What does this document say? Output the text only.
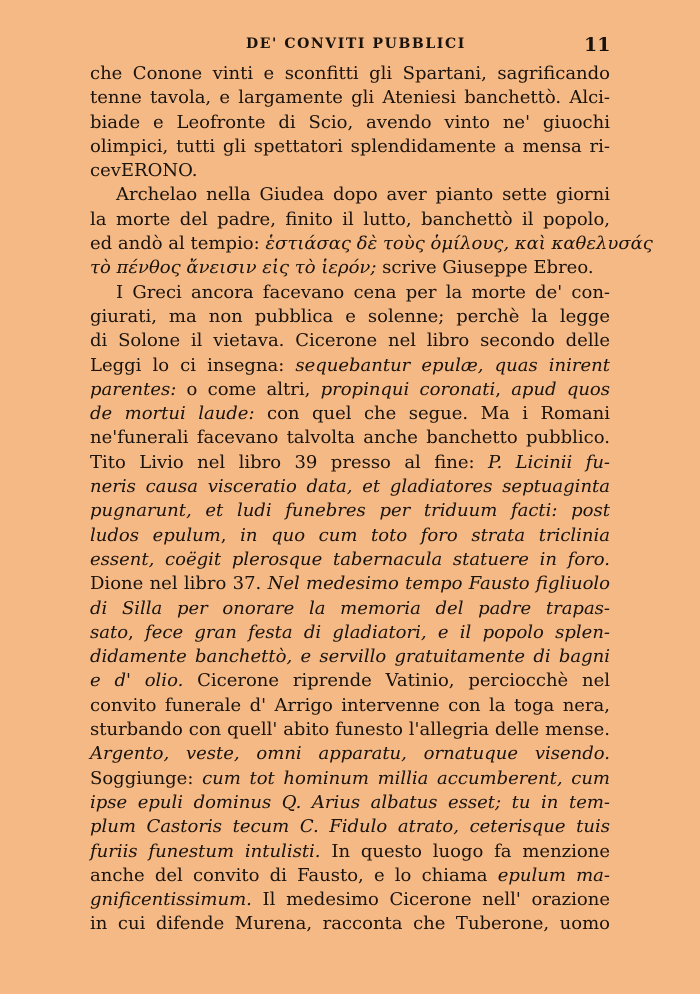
DE' CONVITI PUBBLICI	11
che Conone vinti e sconfitti gli Spartani, sagrificando
tenne tavola, e largamente gli Ateniesi banchettò. Alci-
biade e Leofronte di Scio, avendo vinto ne' giuochi
olimpici, tutti gli spettatori splendidamente a mensa ri-
cevERONO.
Archelao nella Giudea dopo aver pianto sette giorni
la morte del padre, finito il lutto, banchettò il popolo,
ed andò al tempio: ἑστιάσας δὲ τοὺς ὁμίλους, καὶ καθελυσάς
τὸ πένθος ἄνεισιν εἰς τὸ ἱερόν; scrive Giuseppe Ebreo.
I Greci ancora facevano cena per la morte de' con-
giurati, ma non pubblica e solenne; perchè la legge
di Solone il vietava. Cicerone nel libro secondo delle
Leggi lo ci insegna: sequebantur epulæ, quas inirent
parentes: o come altri, propinqui coronati, apud quos
de mortui laude: con quel che segue. Ma i Romani
ne'funerali facevano talvolta anche banchetto pubblico.
Tito Livio nel libro 39 presso al fine: P. Licinii fu-
neris causa visceratio data, et gladiatores septuaginta
pugnarunt, et ludi funebres per triduum facti: post
ludos epulum, in quo cum toto foro strata triclinia
essent, coëgit plerosque tabernacula statuere in foro.
Dione nel libro 37. Nel medesimo tempo Fausto figliuolo
di Silla per onorare la memoria del padre trapas-
sato, fece gran festa di gladiatori, e il popolo splen-
didamente banchettò, e servillo gratuitamente di bagni
e d' olio. Cicerone riprende Vatinio, perciocchè nel
convito funerale d' Arrigo intervenne con la toga nera,
sturbando con quell' abito funesto l'allegria delle mense.
Argento, veste, omni apparatu, ornatuque visendo.
Soggiunge: cum tot hominum millia accumberent, cum
ipse epuli dominus Q. Arius albatus esset; tu in tem-
plum Castoris tecum C. Fidulo atrato, ceterisque tuis
furiis funestum intulisti. In questo luogo fa menzione
anche del convito di Fausto, e lo chiama epulum ma-
gnificentissimum. Il medesimo Cicerone nell' orazione
in cui difende Murena, racconta che Tuberone, uomo
